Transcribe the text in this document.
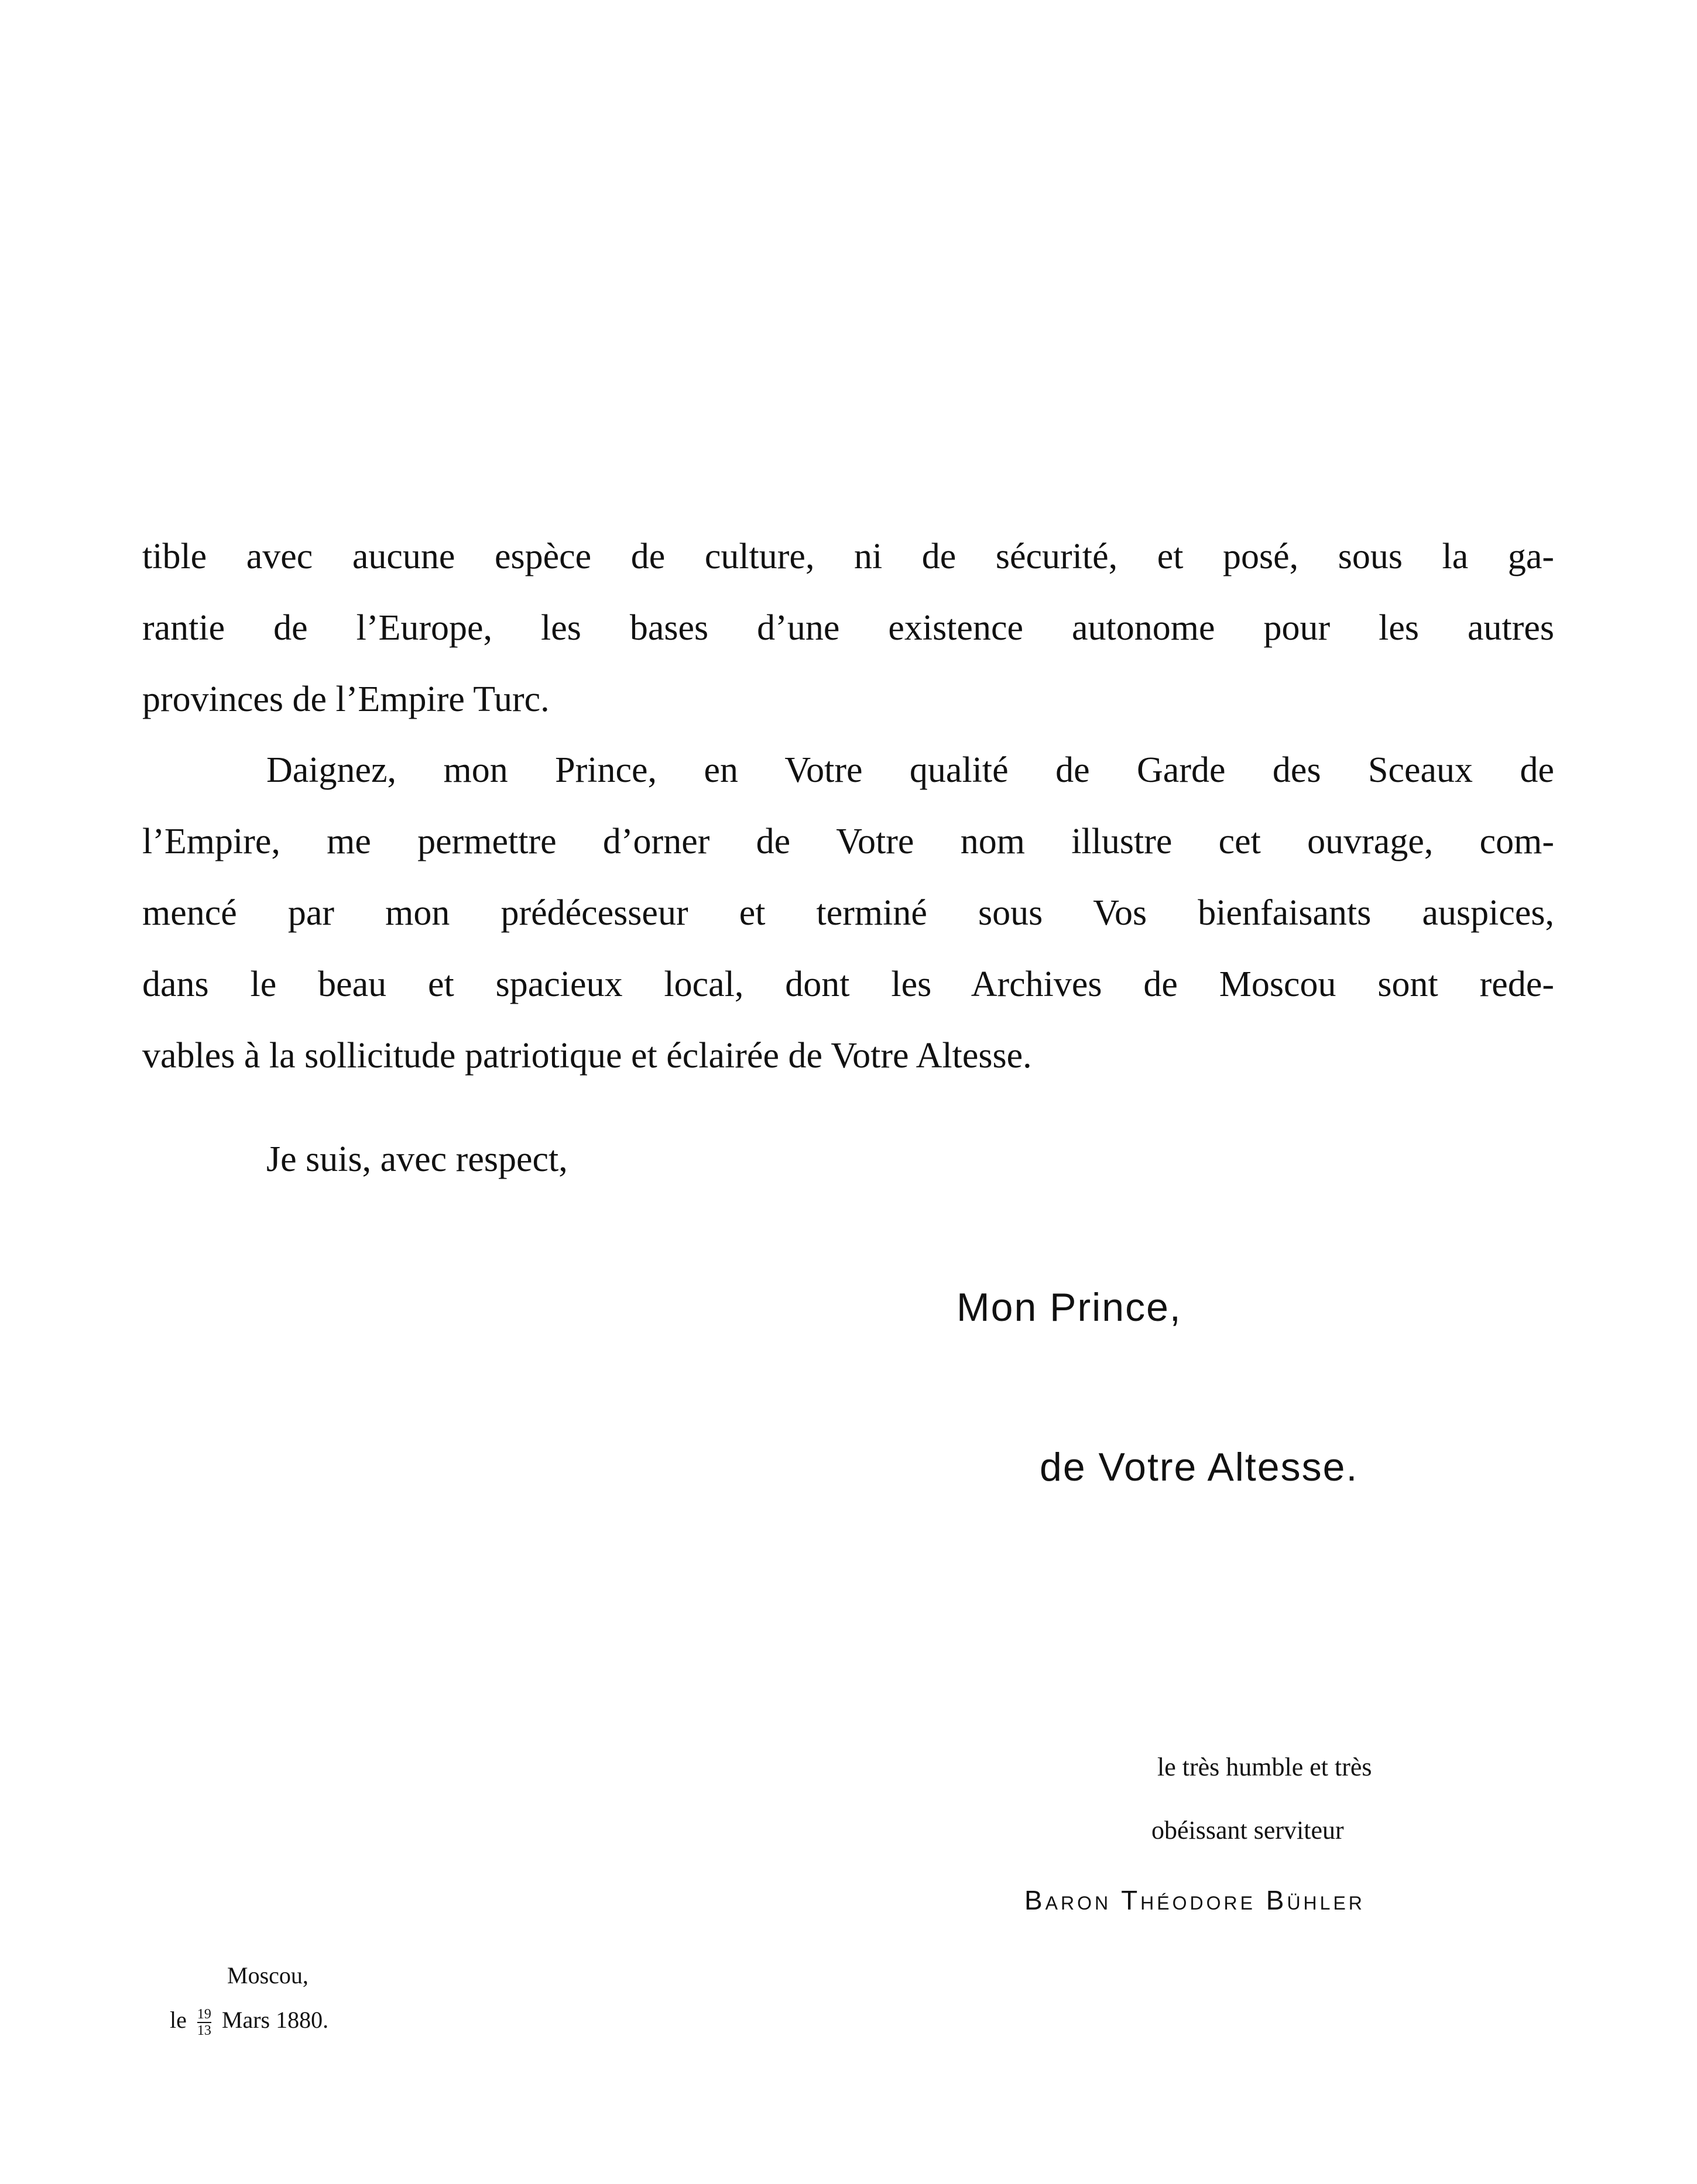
tible avec aucune espèce de culture, ni de sécurité, et posé, sous la ga-
rantie de l’Europe, les bases d’une existence autonome pour les autres
provinces de l’Empire Turc.
Daignez, mon Prince, en Votre qualité de Garde des Sceaux de
l’Empire, me permettre d’orner de Votre nom illustre cet ouvrage, com-
mencé par mon prédécesseur et terminé sous Vos bienfaisants auspices,
dans le beau et spacieux local, dont les Archives de Moscou sont rede-
vables à la sollicitude patriotique et éclairée de Votre Altesse.
Je suis, avec respect,
Mon Prince,
de Votre Altesse.
le très humble et très
obéissant serviteur
Baron Théodore Bühler
Moscou,
le $\frac{19}{13}$ Mars 1880.
